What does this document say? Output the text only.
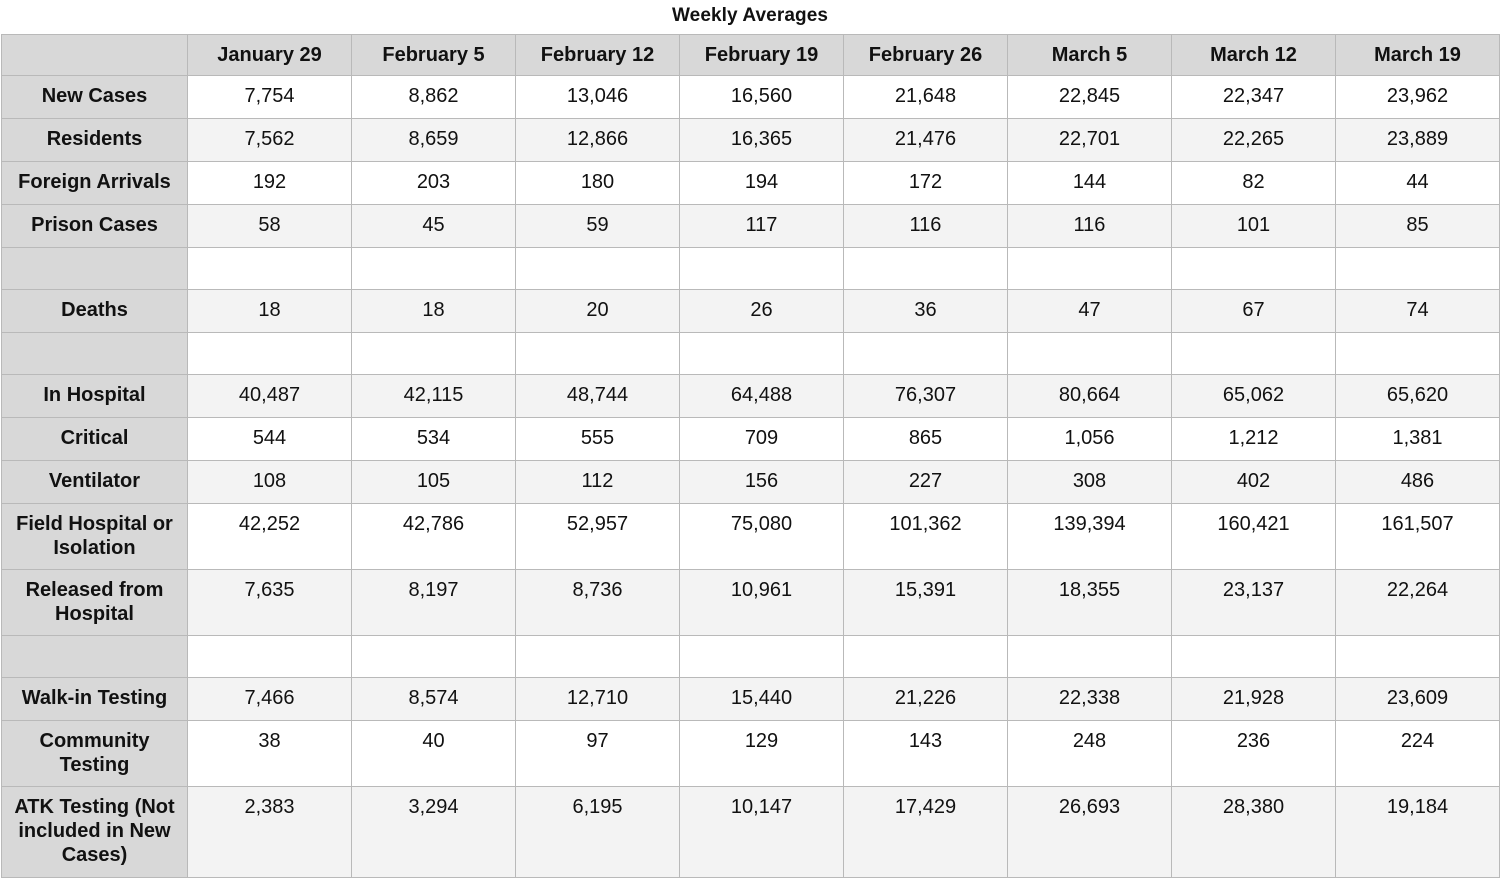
Weekly Averages
	January 29	February 5	February 12	February 19	February 26	March 5	March 12	March 19
New Cases	7,754	8,862	13,046	16,560	21,648	22,845	22,347	23,962
Residents	7,562	8,659	12,866	16,365	21,476	22,701	22,265	23,889
Foreign Arrivals	192	203	180	194	172	144	82	44
Prison Cases	58	45	59	117	116	116	101	85

Deaths	18	18	20	26	36	47	67	74

In Hospital	40,487	42,115	48,744	64,488	76,307	80,664	65,062	65,620
Critical	544	534	555	709	865	1,056	1,212	1,381
Ventilator	108	105	112	156	227	308	402	486
Field Hospital or Isolation	42,252	42,786	52,957	75,080	101,362	139,394	160,421	161,507
Released from Hospital	7,635	8,197	8,736	10,961	15,391	18,355	23,137	22,264

Walk-in Testing	7,466	8,574	12,710	15,440	21,226	22,338	21,928	23,609
Community Testing	38	40	97	129	143	248	236	224
ATK Testing (Not included in New Cases)	2,383	3,294	6,195	10,147	17,429	26,693	28,380	19,184
